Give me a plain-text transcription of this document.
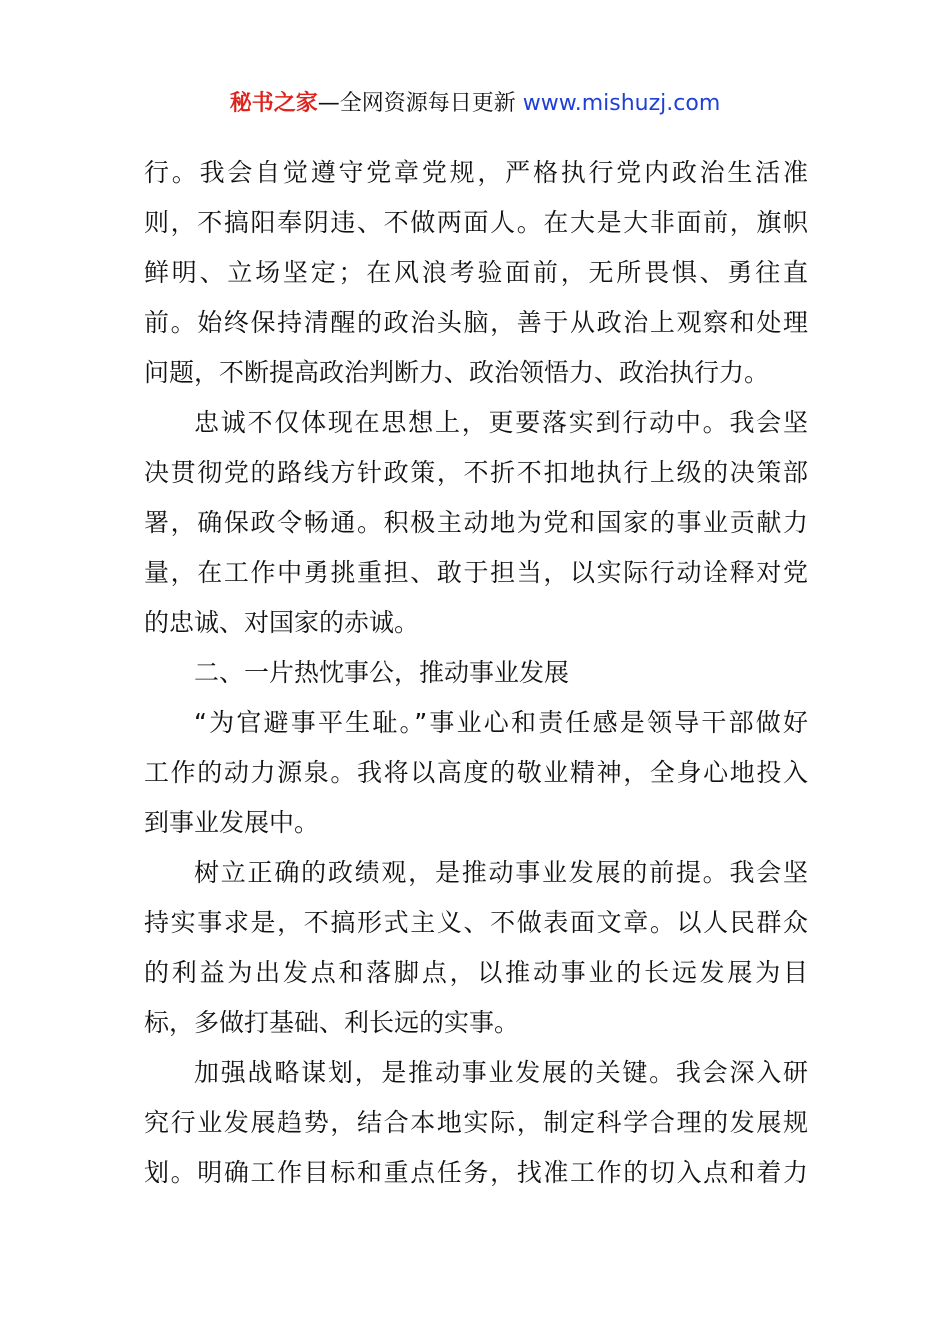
秘书之家—全网资源每日更新 www.mishuzj.com
行。我会自觉遵守党章党规，严格执行党内政治生活准
则，不搞阳奉阴违、不做两面人。在大是大非面前，旗帜
鲜明、立场坚定；在风浪考验面前，无所畏惧、勇往直
前。始终保持清醒的政治头脑，善于从政治上观察和处理
问题，不断提高政治判断力、政治领悟力、政治执行力。
忠诚不仅体现在思想上，更要落实到行动中。我会坚
决贯彻党的路线方针政策，不折不扣地执行上级的决策部
署，确保政令畅通。积极主动地为党和国家的事业贡献力
量，在工作中勇挑重担、敢于担当，以实际行动诠释对党
的忠诚、对国家的赤诚。
二、一片热忱事公，推动事业发展
“为官避事平生耻。”事业心和责任感是领导干部做好
工作的动力源泉。我将以高度的敬业精神，全身心地投入
到事业发展中。
树立正确的政绩观，是推动事业发展的前提。我会坚
持实事求是，不搞形式主义、不做表面文章。以人民群众
的利益为出发点和落脚点，以推动事业的长远发展为目
标，多做打基础、利长远的实事。
加强战略谋划，是推动事业发展的关键。我会深入研
究行业发展趋势，结合本地实际，制定科学合理的发展规
划。明确工作目标和重点任务，找准工作的切入点和着力
